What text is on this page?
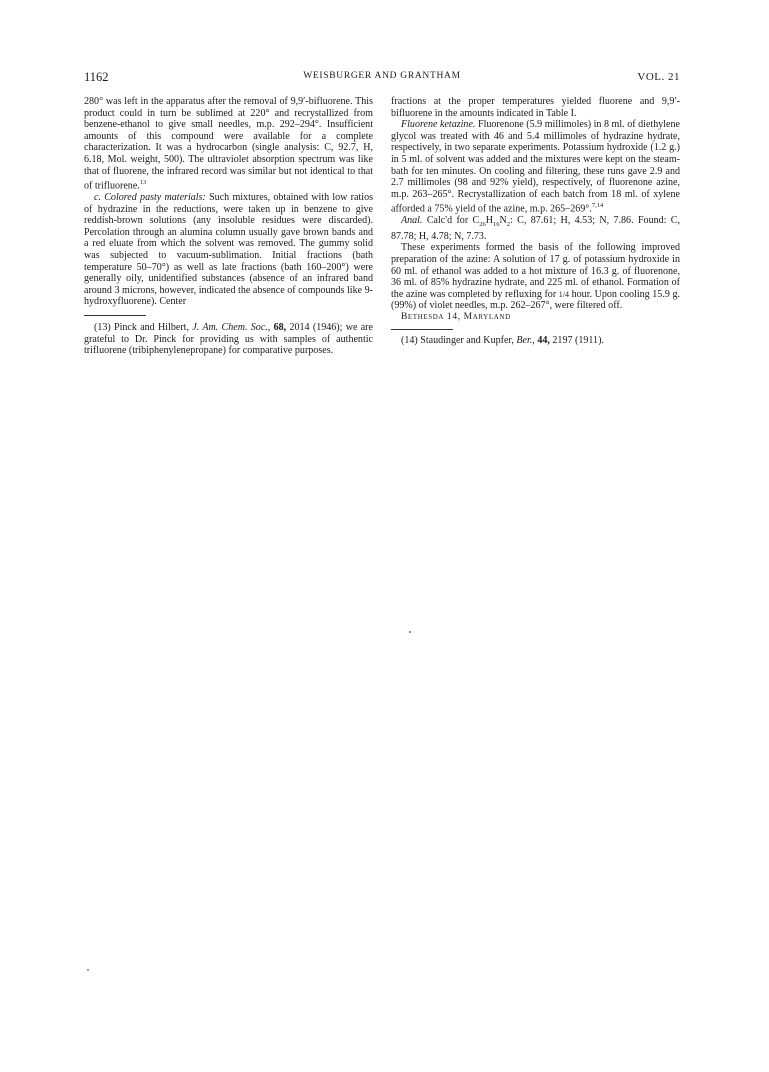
1162	WEISBURGER AND GRANTHAM	VOL. 21

280° was left in the apparatus after the removal of 9,9′-bifluorene. This product could in turn be sublimed at 220° and recrystallized from benzene-ethanol to give small needles, m.p. 292–294°. Insufficient amounts of this compound were available for a complete characterization. It was a hydrocarbon (single analysis: C, 92.7, H, 6.18, Mol. weight, 500). The ultraviolet absorption spectrum was like that of fluorene, the infrared record was similar but not identical to that of trifluorene.$^{13}$

c. Colored pasty materials: Such mixtures, obtained with low ratios of hydrazine in the reductions, were taken up in benzene to give reddish-brown solutions (any insoluble residues were discarded). Percolation through an alumina column usually gave brown bands and a red eluate from which the solvent was removed. The gummy solid was subjected to vacuum-sublimation. Initial fractions (bath temperature 50–70°) as well as late fractions (bath 160–200°) were generally oily, unidentified substances (absence of an infrared band around 3 microns, however, indicated the absence of compounds like 9-hydroxyfluorene). Center

(13) Pinck and Hilbert, J. Am. Chem. Soc., 68, 2014 (1946); we are grateful to Dr. Pinck for providing us with samples of authentic trifluorene (tribiphenylenepropane) for comparative purposes.

fractions at the proper temperatures yielded fluorene and 9,9′-bifluorene in the amounts indicated in Table I.

Fluorene ketazine. Fluorenone (5.9 millimoles) in 8 ml. of diethylene glycol was treated with 46 and 5.4 millimoles of hydrazine hydrate, respectively, in two separate experiments. Potassium hydroxide (1.2 g.) in 5 ml. of solvent was added and the mixtures were kept on the steam-bath for ten minutes. On cooling and filtering, these runs gave 2.9 and 2.7 millimoles (98 and 92% yield), respectively, of fluorenone azine, m.p. 263–265°. Recrystallization of each batch from 18 ml. of xylene afforded a 75% yield of the azine, m.p. 265–269°.$^{7,14}$

Anal. Calc'd for $C_{26}H_{16}N_2$: C, 87.61; H, 4.53; N, 7.86. Found: C, 87.78; H, 4.78; N, 7.73.

These experiments formed the basis of the following improved preparation of the azine: A solution of 17 g. of potassium hydroxide in 60 ml. of ethanol was added to a hot mixture of 16.3 g. of fluorenone, 36 ml. of 85% hydrazine hydrate, and 225 ml. of ethanol. Formation of the azine was completed by refluxing for 1/4 hour. Upon cooling 15.9 g. (99%) of violet needles, m.p. 262–267°, were filtered off.

Bethesda 14, Maryland

(14) Staudinger and Kupfer, Ber., 44, 2197 (1911).
